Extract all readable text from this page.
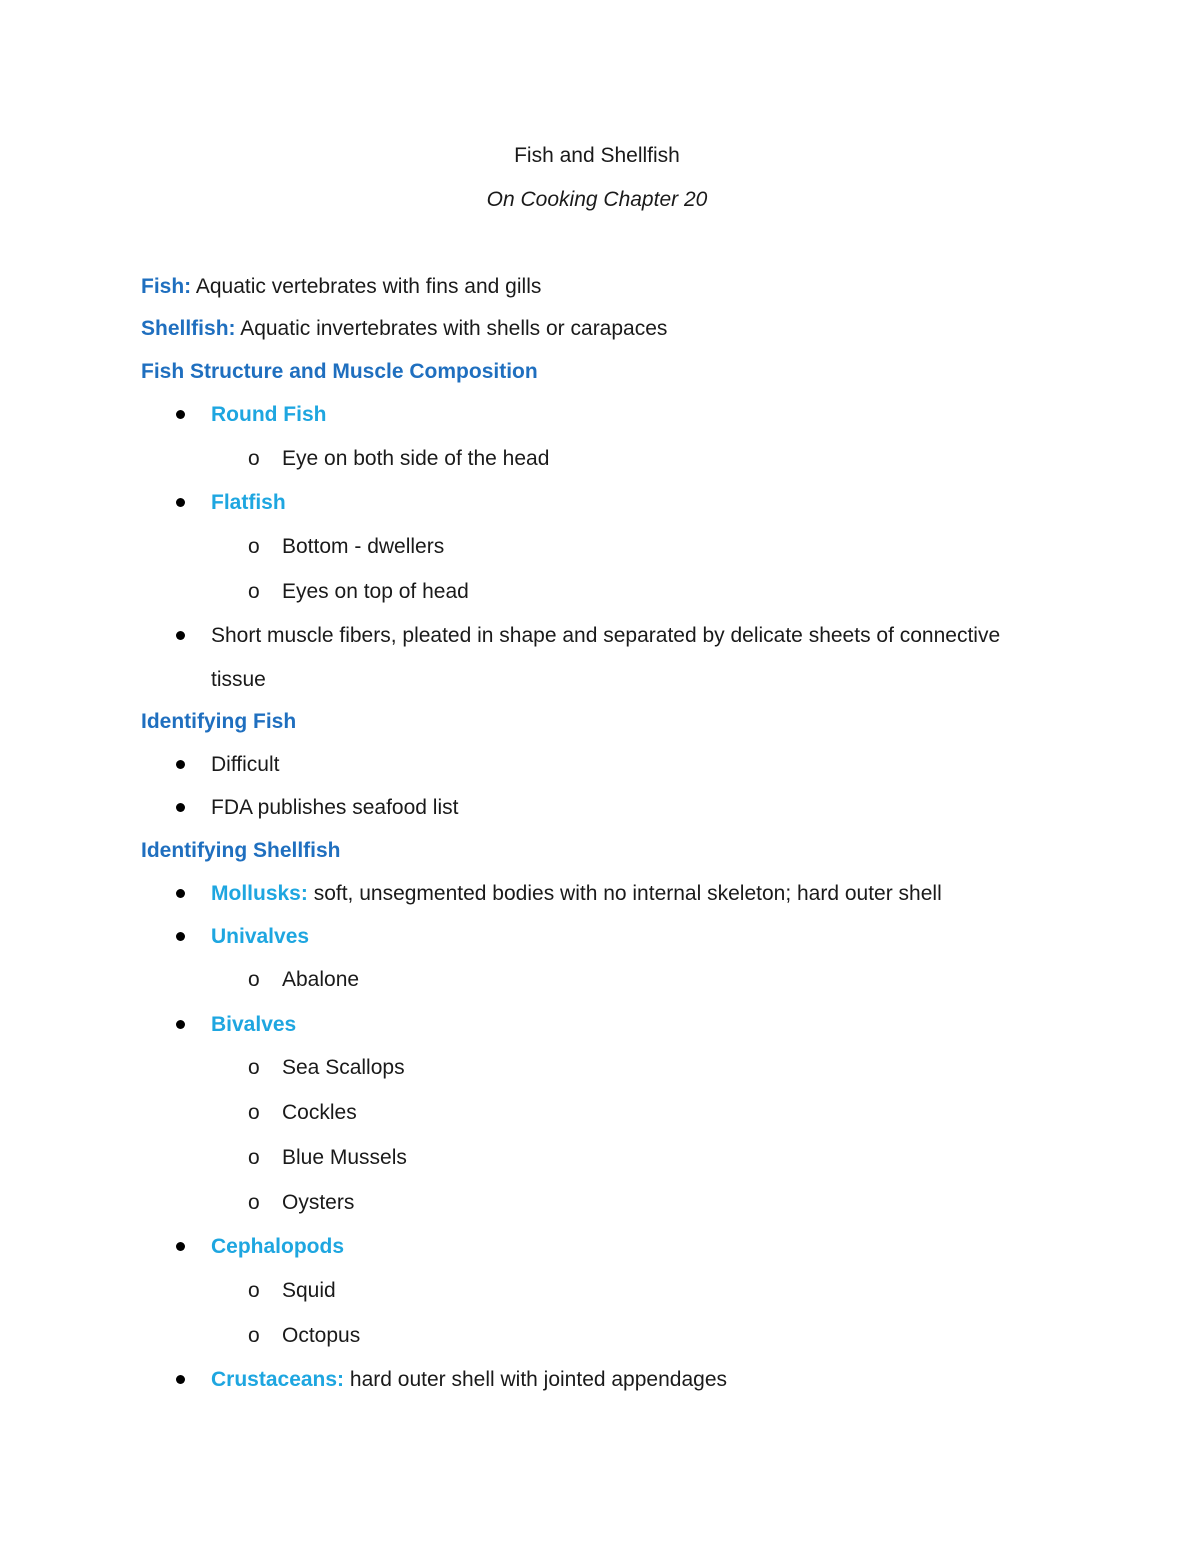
Fish and Shellfish
On Cooking Chapter 20
Fish: Aquatic vertebrates with fins and gills
Shellfish: Aquatic invertebrates with shells or carapaces
Fish Structure and Muscle Composition
Round Fish
o Eye on both side of the head
Flatfish
o Bottom - dwellers
o Eyes on top of head
Short muscle fibers, pleated in shape and separated by delicate sheets of connective
tissue
Identifying Fish
Difficult
FDA publishes seafood list
Identifying Shellfish
Mollusks: soft, unsegmented bodies with no internal skeleton; hard outer shell
Univalves
o Abalone
Bivalves
o Sea Scallops
o Cockles
o Blue Mussels
o Oysters
Cephalopods
o Squid
o Octopus
Crustaceans: hard outer shell with jointed appendages
